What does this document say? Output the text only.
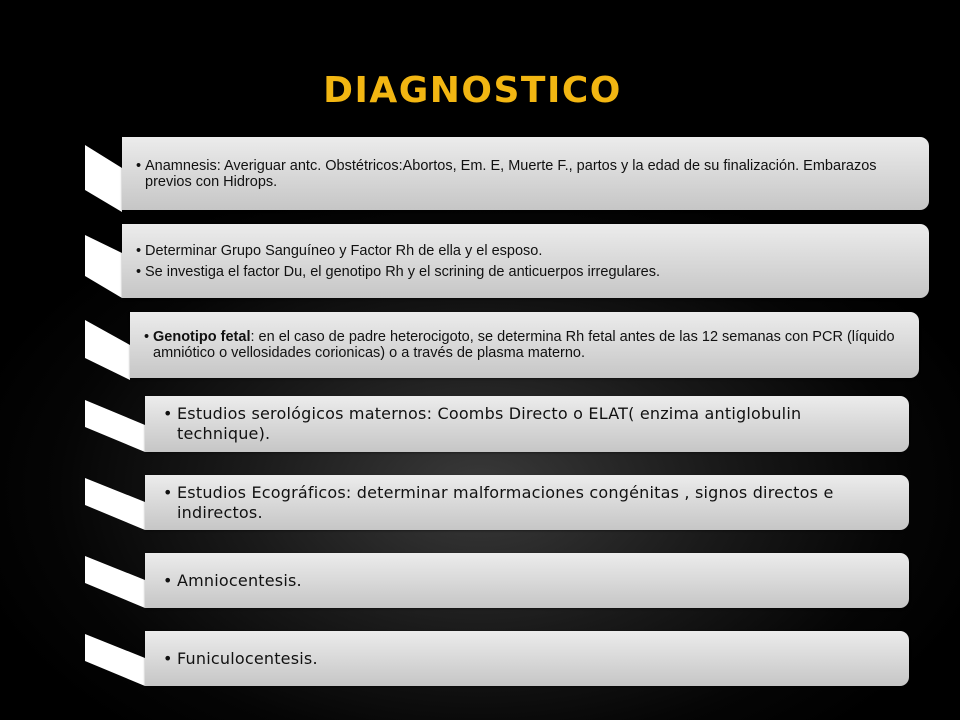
DIAGNOSTICO

• Anamnesis: Averiguar antc. Obstétricos:Abortos, Em. E, Muerte F., partos y la edad de su finalización. Embarazos previos con Hidrops.

• Determinar Grupo Sanguíneo y Factor Rh de ella y el esposo.

• Se investiga el factor Du, el genotipo Rh y el scrining de anticuerpos irregulares.

• Genotipo fetal: en el caso de padre heterocigoto, se determina Rh fetal antes de las 12 semanas con PCR (líquido amniótico o vellosidades corionicas) o a través de plasma materno.

• Estudios serológicos maternos: Coombs Directo o ELAT( enzima antiglobulin technique).

• Estudios Ecográficos: determinar malformaciones congénitas , signos directos e indirectos.

• Amniocentesis.

• Funiculocentesis.
